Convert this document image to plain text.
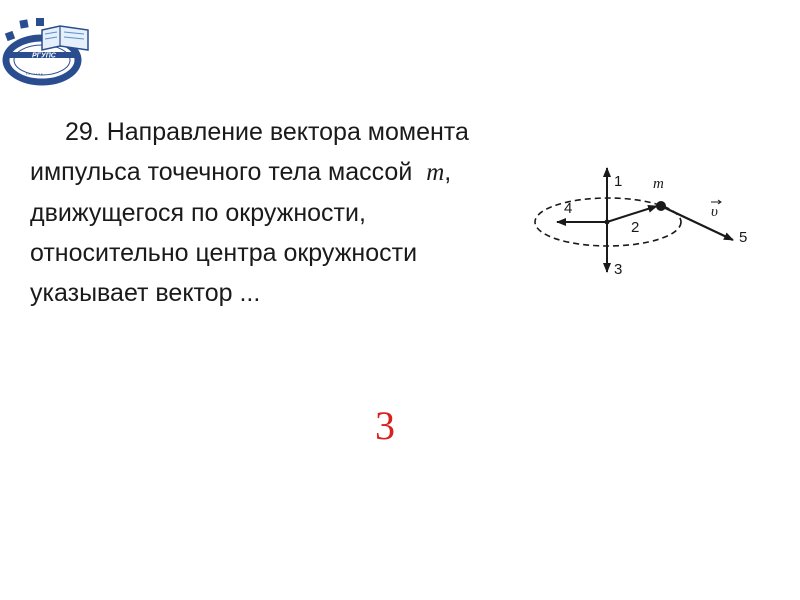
РГУПС
• • • • • • •
29. Направление вектора момента
импульса точечного тела массой m,
движущегося по окружности,
относительно центра окружности
указывает вектор ...
1
2
3
4
5
m
υ
3
